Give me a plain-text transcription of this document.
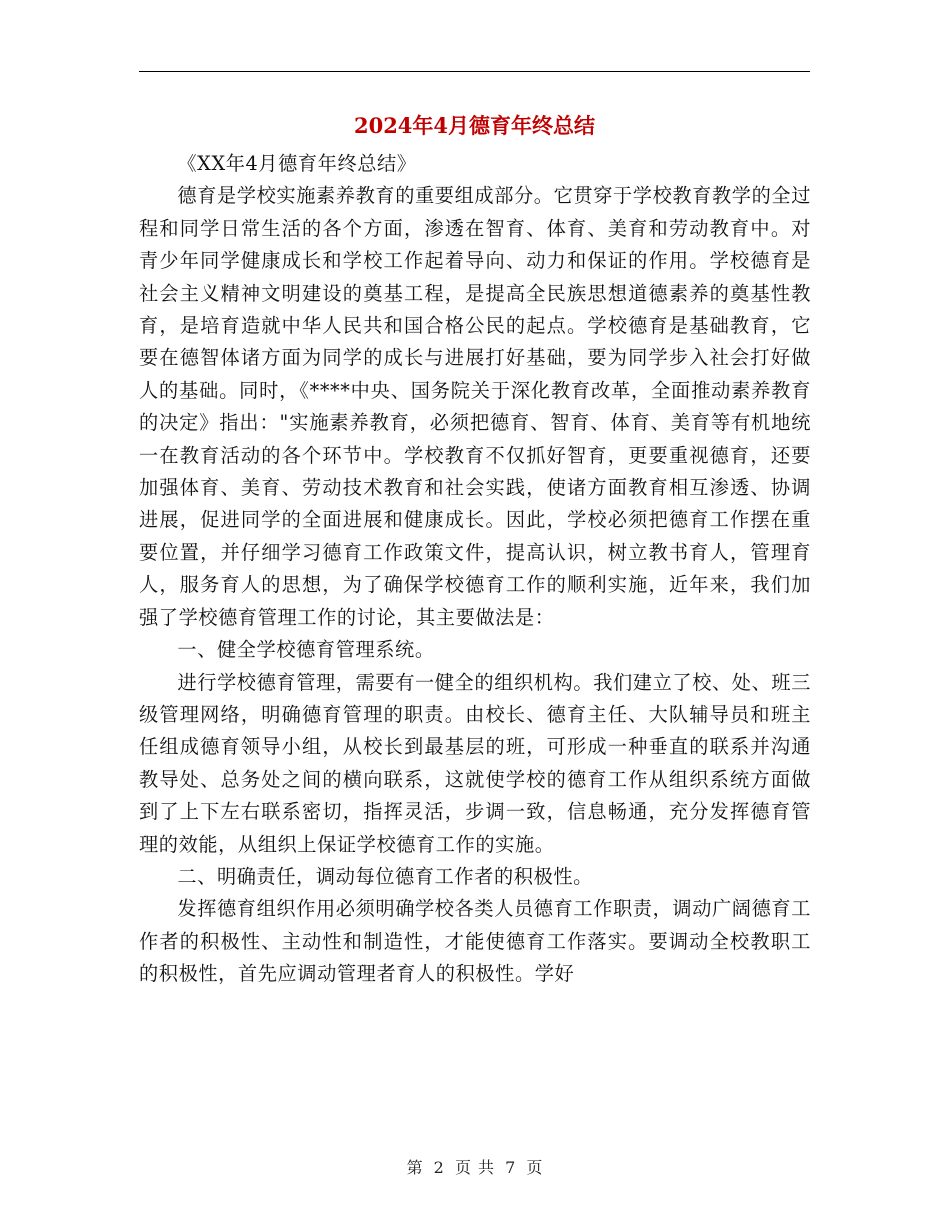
2024年4月德育年终总结

《XX年4月德育年终总结》

德育是学校实施素养教育的重要组成部分。它贯穿于学校教育教学的全过程和同学日常生活的各个方面，渗透在智育、体育、美育和劳动教育中。对青少年同学健康成长和学校工作起着导向、动力和保证的作用。学校德育是社会主义精神文明建设的奠基工程，是提高全民族思想道德素养的奠基性教育，是培育造就中华人民共和国合格公民的起点。学校德育是基础教育，它要在德智体诸方面为同学的成长与进展打好基础，要为同学步入社会打好做人的基础。同时，《****中央、国务院关于深化教育改革，全面推动素养教育的决定》指出："实施素养教育，必须把德育、智育、体育、美育等有机地统一在教育活动的各个环节中。学校教育不仅抓好智育，更要重视德育，还要加强体育、美育、劳动技术教育和社会实践，使诸方面教育相互渗透、协调进展，促进同学的全面进展和健康成长。因此，学校必须把德育工作摆在重要位置，并仔细学习德育工作政策文件，提高认识，树立教书育人，管理育人，服务育人的思想，为了确保学校德育工作的顺利实施，近年来，我们加强了学校德育管理工作的讨论，其主要做法是：

一、健全学校德育管理系统。

进行学校德育管理，需要有一健全的组织机构。我们建立了校、处、班三级管理网络，明确德育管理的职责。由校长、德育主任、大队辅导员和班主任组成德育领导小组，从校长到最基层的班，可形成一种垂直的联系并沟通教导处、总务处之间的横向联系，这就使学校的德育工作从组织系统方面做到了上下左右联系密切，指挥灵活，步调一致，信息畅通，充分发挥德育管理的效能，从组织上保证学校德育工作的实施。

二、明确责任，调动每位德育工作者的积极性。

发挥德育组织作用必须明确学校各类人员德育工作职责，调动广阔德育工作者的积极性、主动性和制造性，才能使德育工作落实。要调动全校教职工的积极性，首先应调动管理者育人的积极性。学好

第 2 页 共 7 页
